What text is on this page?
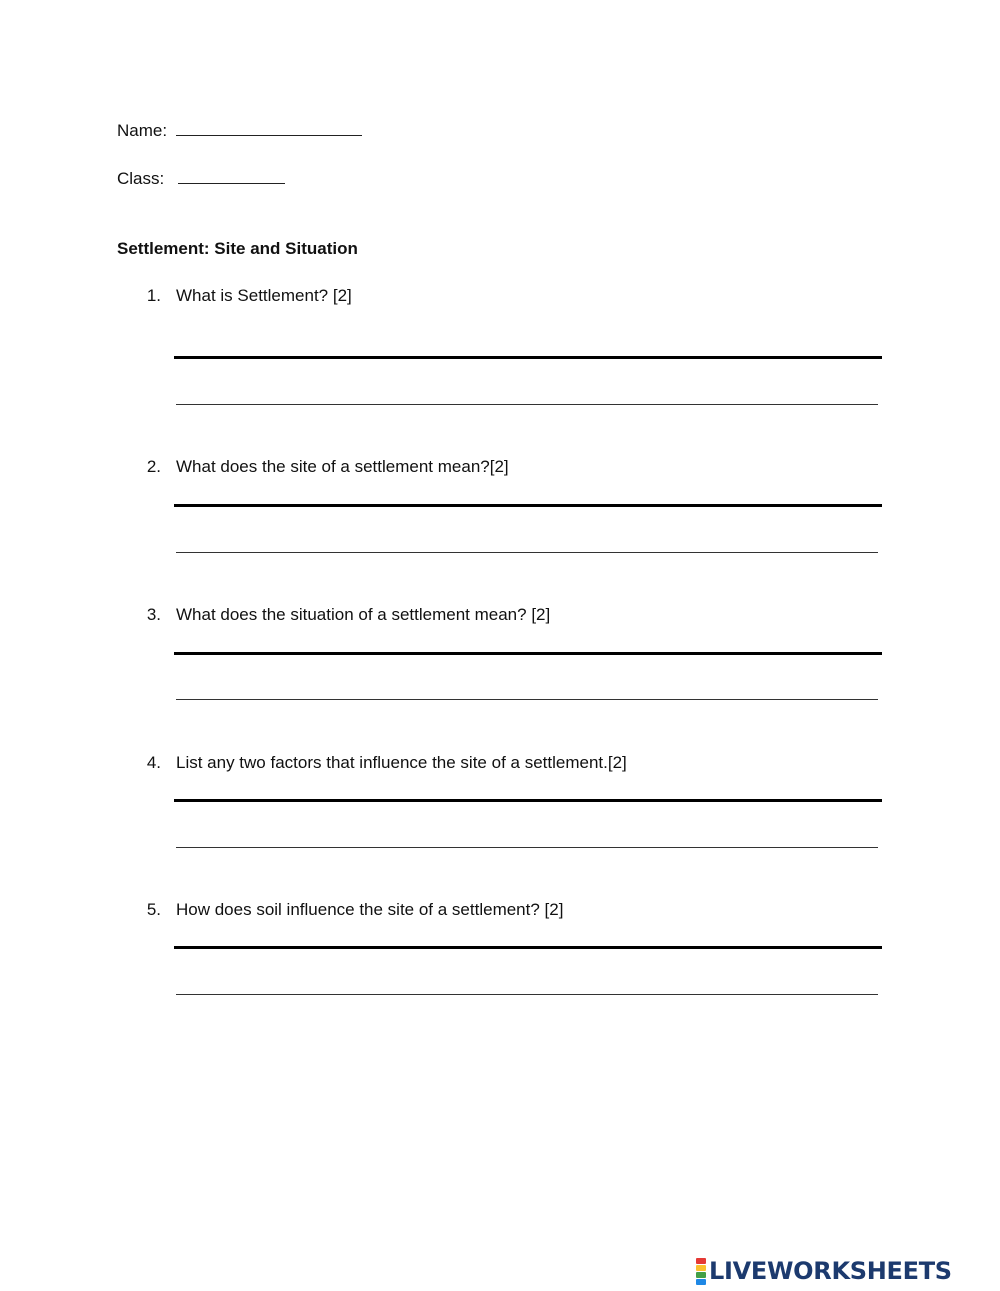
Name:
Class:
Settlement: Site and Situation
1. What is Settlement? [2]
2. What does the site of a settlement mean?[2]
3. What does the situation of a settlement mean? [2]
4. List any two factors that influence the site of a settlement.[2]
5. How does soil influence the site of a settlement? [2]
LIVEWORKSHEETS
